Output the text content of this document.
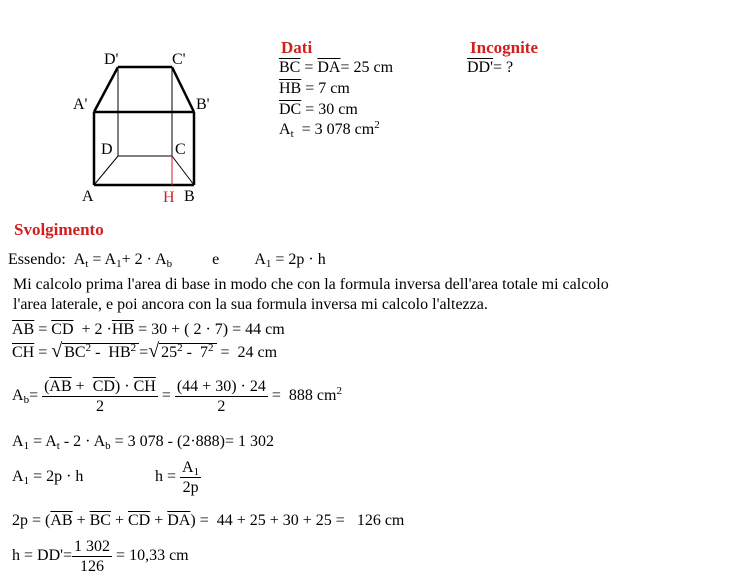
D'	C'
A'	B'
D	C
A	H B
Dati
$\overline{BC} = \overline{DA}= 25$ cm
$\overline{HB} = 7$ cm
$\overline{DC} = 30$ cm
$A_t = 3$ 078 $cm^2$
Incognite
DD'= ?
Svolgimento
Essendo:  $A_t = A_1+ 2 \cdot A_b$          e         $A_1 = 2p \cdot h$
Mi calcolo prima l'area di base in modo che con la formula inversa dell'area totale mi calcolo
l'area laterale, e poi ancora con la sua formula inversa mi calcolo l'altezza.
$\overline{AB} = \overline{CD} + 2 \cdot\overline{HB} = 30$ + ( 2 · 7) = 44 cm
$\overline{CH}$ = √ $BC^2 - \overline{HB}^2$ =√ $25^2 - 7^2 = 24$ cm
$A_b= \frac{(\overline{AB} + \overline{CD}) \cdot \overline{CH}}{2} = \frac{(44 + 30) \cdot 24}{2} = 888$ $cm^2$
$A_1 = A_t - 2 \cdot A_b = 3$ 078 - (2·888)= 1 302
$A_1 = 2p \cdot h$	$h = \frac{A_1}{2p}$
$2p = (\overline{AB} + \overline{BC} + \overline{CD} + \overline{DA}) = 44 + 25 + 30 + 25 = 126$ cm
$h = DD'= \frac{1 302}{126} = 10,33$ cm
